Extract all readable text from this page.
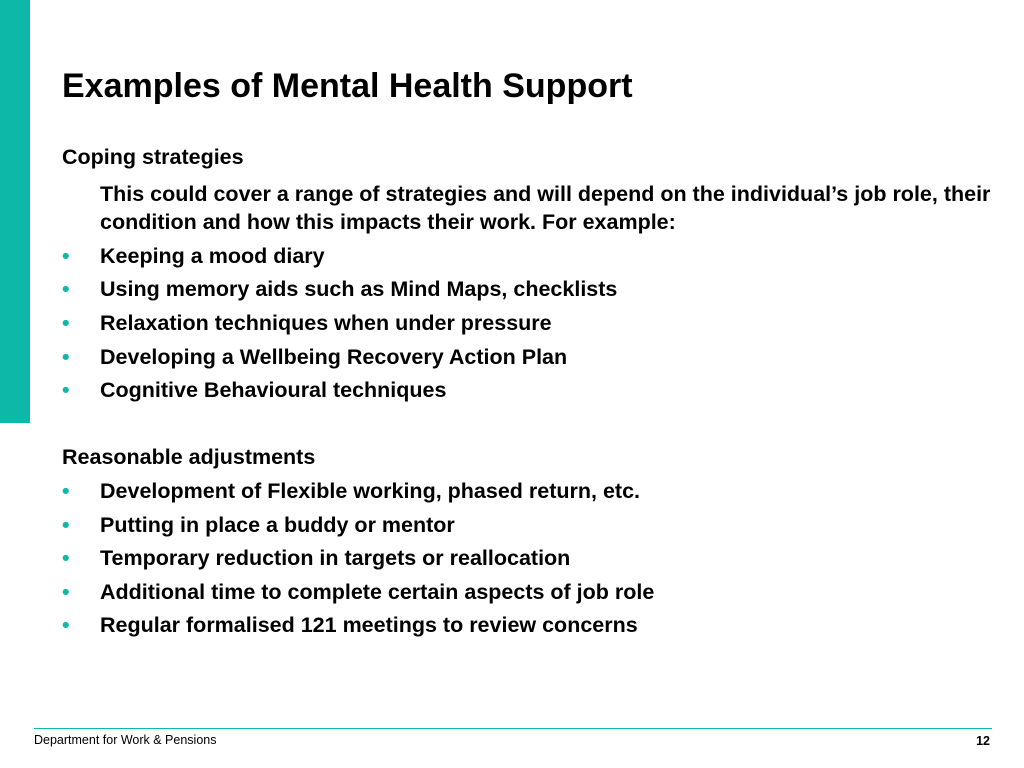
Examples of Mental Health Support

Coping strategies

This could cover a range of strategies and will depend on the individual’s job role, their condition and how this impacts their work. For example:

• Keeping a mood diary
• Using memory aids such as Mind Maps, checklists
• Relaxation techniques when under pressure
• Developing a Wellbeing Recovery Action Plan
• Cognitive Behavioural techniques

Reasonable adjustments

• Development of Flexible working, phased return, etc.
• Putting in place a buddy or mentor
• Temporary reduction in targets or reallocation
• Additional time to complete certain aspects of job role
• Regular formalised 121 meetings to review concerns
Department for Work & Pensions	12
